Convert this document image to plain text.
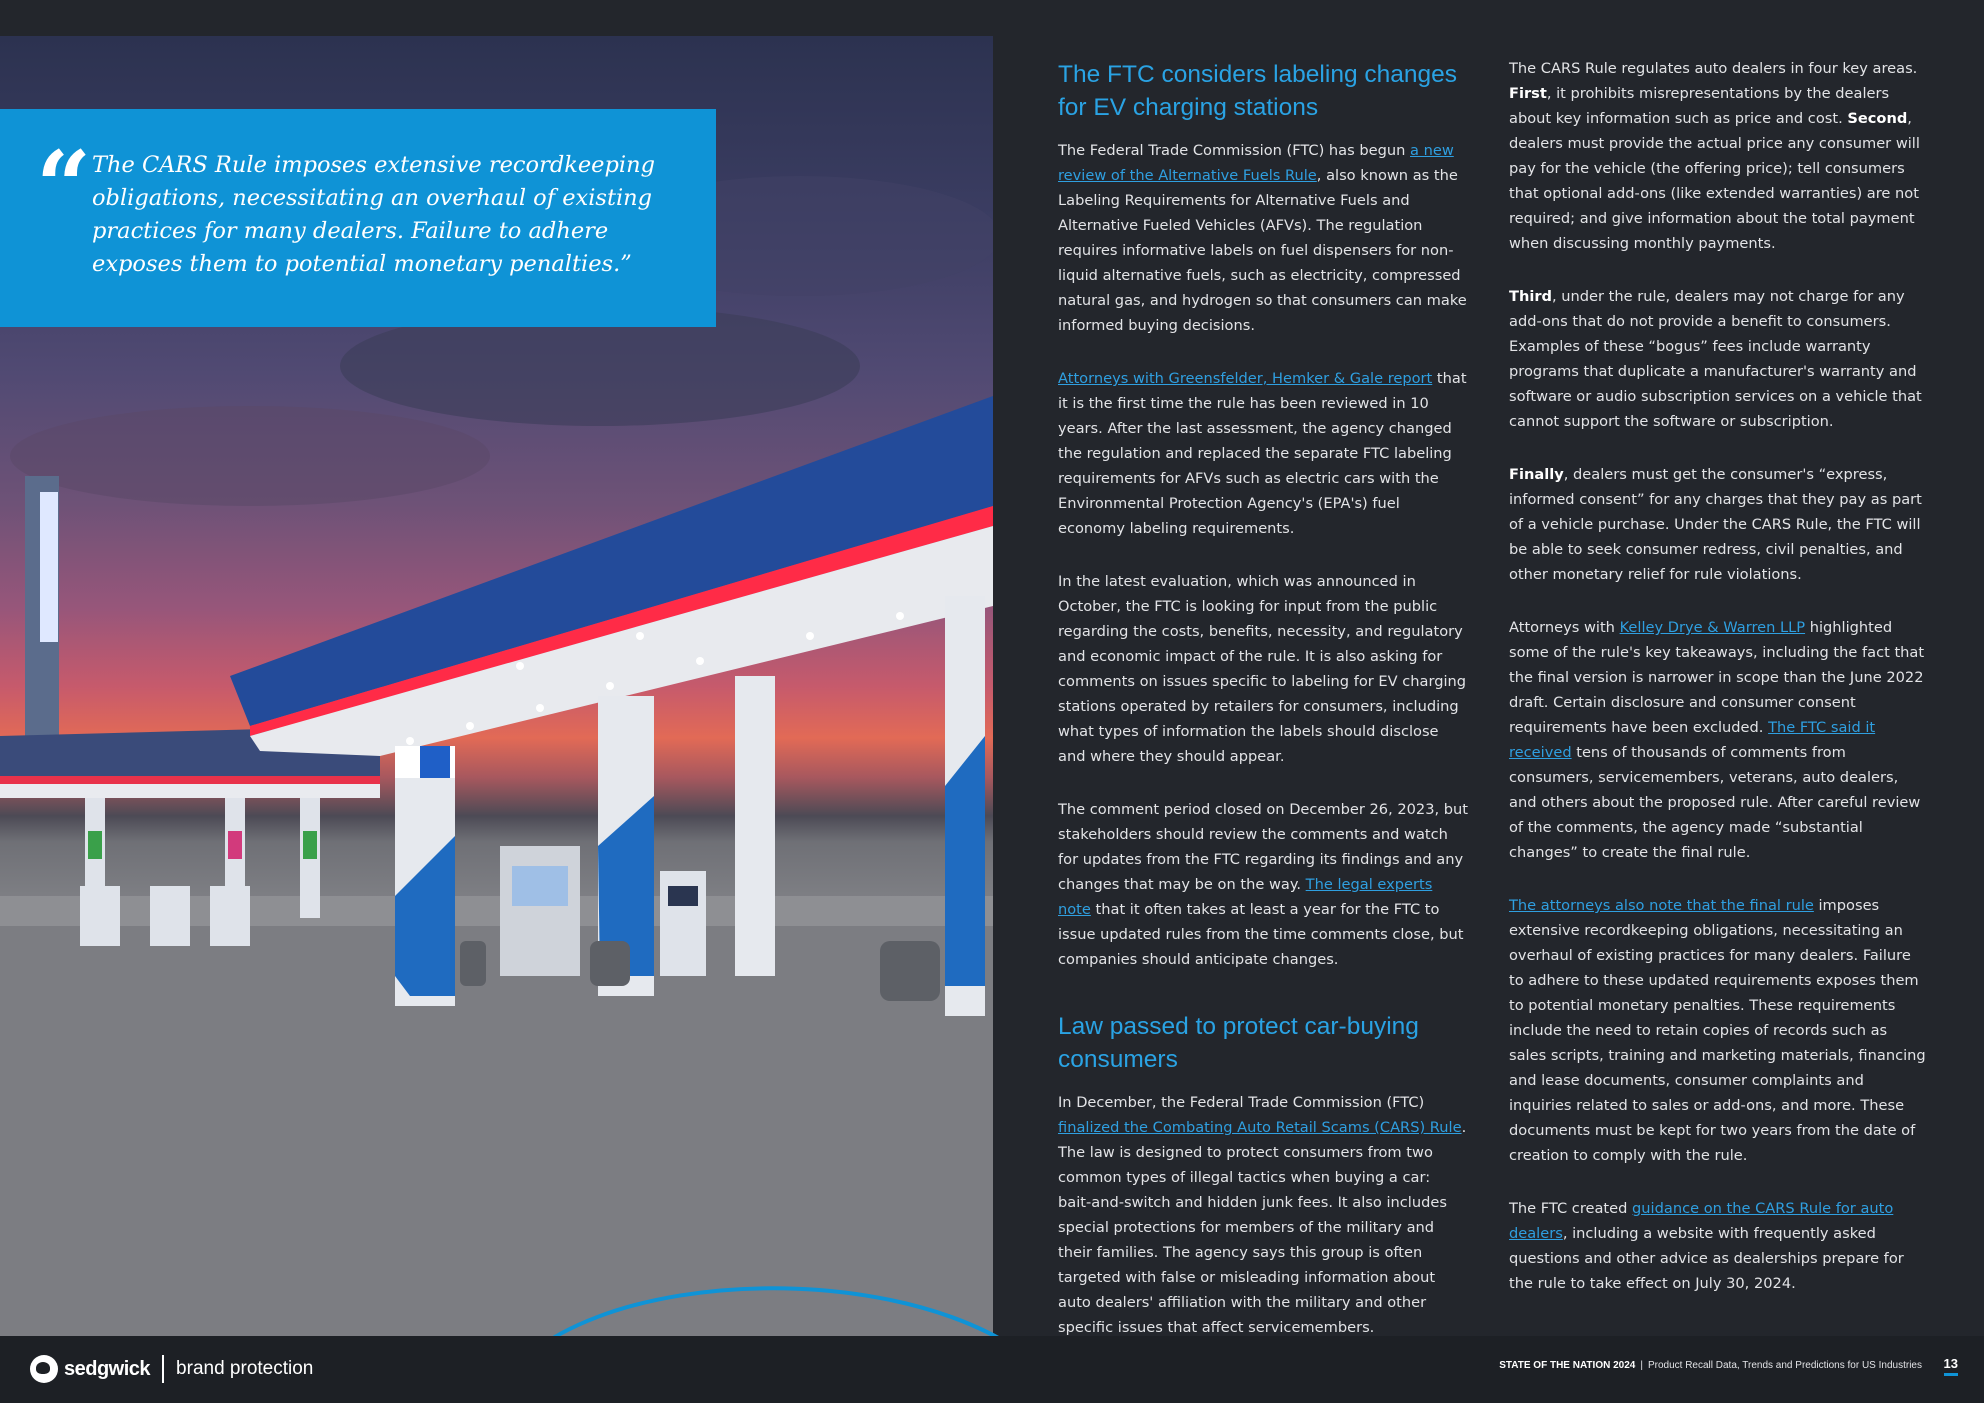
“ The CARS Rule imposes extensive recordkeeping obligations, necessitating an overhaul of existing practices for many dealers. Failure to adhere exposes them to potential monetary penalties.”

The FTC considers labeling changes for EV charging stations

The Federal Trade Commission (FTC) has begun a new review of the Alternative Fuels Rule, also known as the Labeling Requirements for Alternative Fuels and Alternative Fueled Vehicles (AFVs). The regulation requires informative labels on fuel dispensers for non-liquid alternative fuels, such as electricity, compressed natural gas, and hydrogen so that consumers can make informed buying decisions.

Attorneys with Greensfelder, Hemker & Gale report that it is the first time the rule has been reviewed in 10 years. After the last assessment, the agency changed the regulation and replaced the separate FTC labeling requirements for AFVs such as electric cars with the Environmental Protection Agency's (EPA's) fuel economy labeling requirements.

In the latest evaluation, which was announced in October, the FTC is looking for input from the public regarding the costs, benefits, necessity, and regulatory and economic impact of the rule. It is also asking for comments on issues specific to labeling for EV charging stations operated by retailers for consumers, including what types of information the labels should disclose and where they should appear.

The comment period closed on December 26, 2023, but stakeholders should review the comments and watch for updates from the FTC regarding its findings and any changes that may be on the way. The legal experts note that it often takes at least a year for the FTC to issue updated rules from the time comments close, but companies should anticipate changes.

Law passed to protect car-buying consumers

In December, the Federal Trade Commission (FTC) finalized the Combating Auto Retail Scams (CARS) Rule. The law is designed to protect consumers from two common types of illegal tactics when buying a car: bait-and-switch and hidden junk fees. It also includes special protections for members of the military and their families. The agency says this group is often targeted with false or misleading information about auto dealers' affiliation with the military and other specific issues that affect servicemembers.

The CARS Rule regulates auto dealers in four key areas. First, it prohibits misrepresentations by the dealers about key information such as price and cost. Second, dealers must provide the actual price any consumer will pay for the vehicle (the offering price); tell consumers that optional add-ons (like extended warranties) are not required; and give information about the total payment when discussing monthly payments.

Third, under the rule, dealers may not charge for any add-ons that do not provide a benefit to consumers. Examples of these “bogus” fees include warranty programs that duplicate a manufacturer's warranty and software or audio subscription services on a vehicle that cannot support the software or subscription.

Finally, dealers must get the consumer's “express, informed consent” for any charges that they pay as part of a vehicle purchase. Under the CARS Rule, the FTC will be able to seek consumer redress, civil penalties, and other monetary relief for rule violations.

Attorneys with Kelley Drye & Warren LLP highlighted some of the rule's key takeaways, including the fact that the final version is narrower in scope than the June 2022 draft. Certain disclosure and consumer consent requirements have been excluded. The FTC said it received tens of thousands of comments from consumers, servicemembers, veterans, auto dealers, and others about the proposed rule. After careful review of the comments, the agency made “substantial changes” to create the final rule.

The attorneys also note that the final rule imposes extensive recordkeeping obligations, necessitating an overhaul of existing practices for many dealers. Failure to adhere to these updated requirements exposes them to potential monetary penalties. These requirements include the need to retain copies of records such as sales scripts, training and marketing materials, financing and lease documents, consumer complaints and inquiries related to sales or add-ons, and more. These documents must be kept for two years from the date of creation to comply with the rule.

The FTC created guidance on the CARS Rule for auto dealers, including a website with frequently asked questions and other advice as dealerships prepare for the rule to take effect on July 30, 2024.

sedgwick brand protection	STATE OF THE NATION 2024 | Product Recall Data, Trends and Predictions for US Industries 13
